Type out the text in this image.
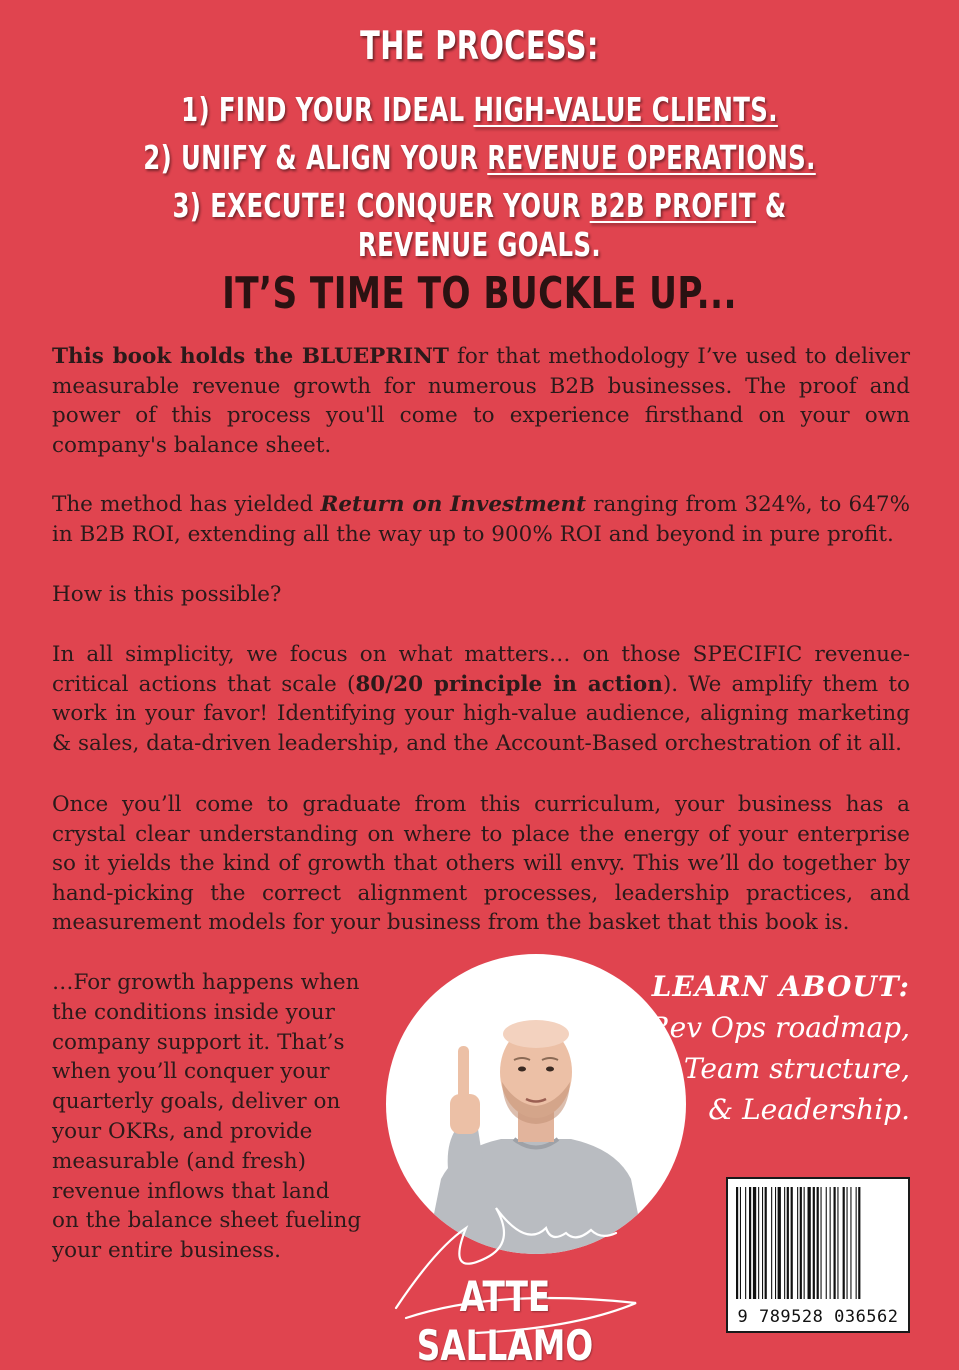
THE PROCESS:
1) FIND YOUR IDEAL HIGH-VALUE CLIENTS.
2) UNIFY & ALIGN YOUR REVENUE OPERATIONS.
3) EXECUTE! CONQUER YOUR B2B PROFIT & REVENUE GOALS.
IT’S TIME TO BUCKLE UP...
This book holds the BLUEPRINT for that methodology I’ve used to deliver measurable revenue growth for numerous B2B businesses. The proof and power of this process you'll come to experience firsthand on your own company's balance sheet.
The method has yielded Return on Investment ranging from 324%, to 647% in B2B ROI, extending all the way up to 900% ROI and beyond in pure profit.
How is this possible?
In all simplicity, we focus on what matters… on those SPECIFIC revenue-critical actions that scale (80/20 principle in action). We amplify them to work in your favor! Identifying your high-value audience, aligning marketing & sales, data-driven leadership, and the Account-Based orchestration of it all.
Once you’ll come to graduate from this curriculum, your business has a crystal clear understanding on where to place the energy of your enterprise so it yields the kind of growth that others will envy. This we’ll do together by hand-picking the correct alignment processes, leadership practices, and measurement models for your business from the basket that this book is.
…For growth happens when the conditions inside your company support it. That’s when you’ll conquer your quarterly goals, deliver on your OKRs, and provide measurable (and fresh) revenue inflows that land on the balance sheet fueling your entire business.
ATTE SALLAMO
LEARN ABOUT:
Rev Ops roadmap,
Team structure,
& Leadership.
9 789528 036562
